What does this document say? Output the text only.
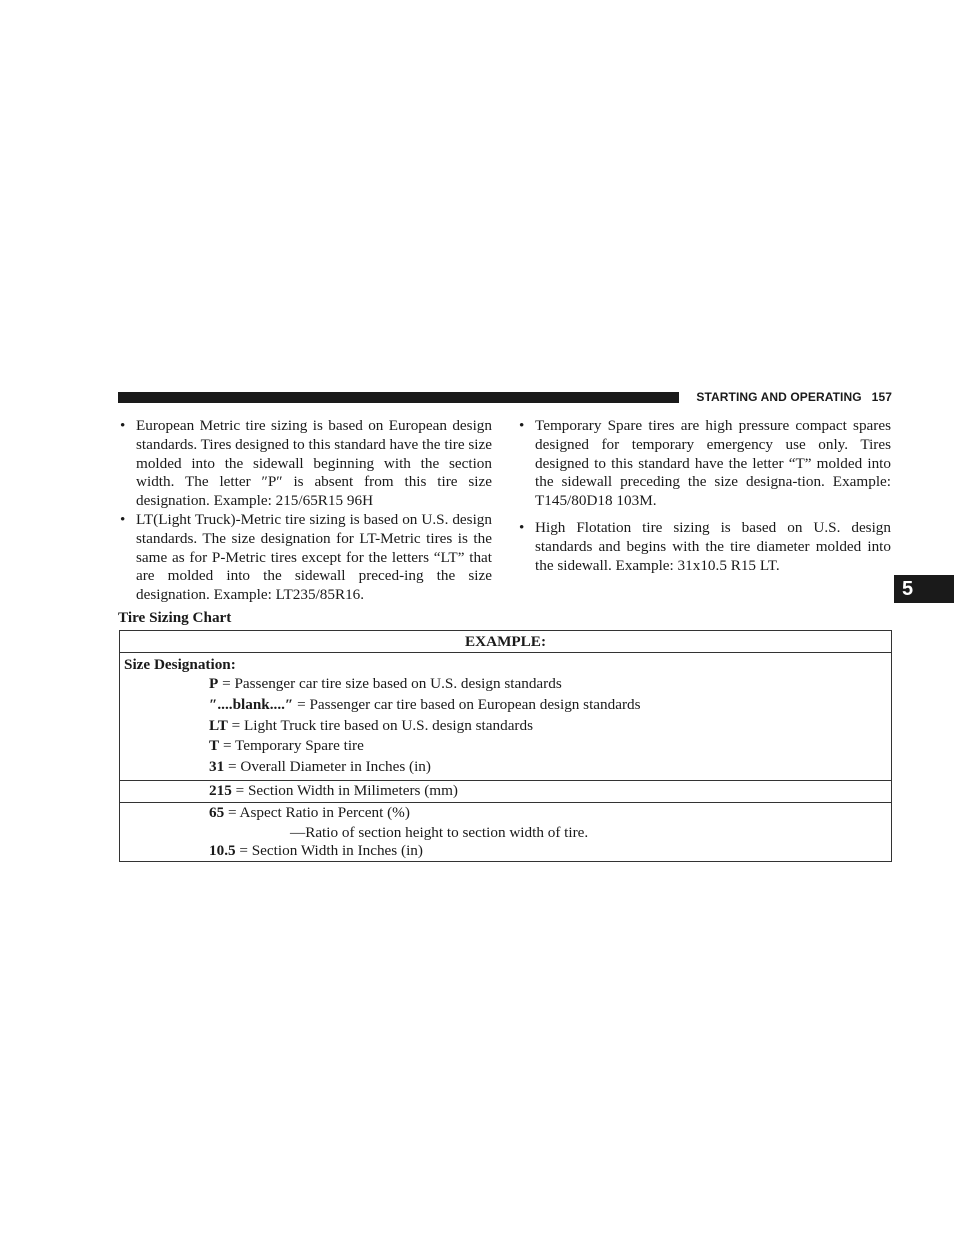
STARTING AND OPERATING 157
5
• European Metric tire sizing is based on European design standards. Tires designed to this standard have the tire size molded into the sidewall beginning with the section width. The letter ″P″ is absent from this tire size designation. Example: 215/65R15 96H
• LT(Light Truck)-Metric tire sizing is based on U.S. design standards. The size designation for LT-Metric tires is the same as for P-Metric tires except for the letters “LT” that are molded into the sidewall preced-ing the size designation. Example: LT235/85R16.
• Temporary Spare tires are high pressure compact spares designed for temporary emergency use only. Tires designed to this standard have the letter “T” molded into the sidewall preceding the size designa-tion. Example: T145/80D18 103M.
• High Flotation tire sizing is based on U.S. design standards and begins with the tire diameter molded into the sidewall. Example: 31x10.5 R15 LT.
Tire Sizing Chart
EXAMPLE:

Size Designation:
P = Passenger car tire size based on U.S. design standards
″....blank....″ = Passenger car tire based on European design standards
LT = Light Truck tire based on U.S. design standards
T = Temporary Spare tire
31 = Overall Diameter in Inches (in)

215 = Section Width in Milimeters (mm)

65 = Aspect Ratio in Percent (%)
—Ratio of section height to section width of tire.
10.5 = Section Width in Inches (in)
